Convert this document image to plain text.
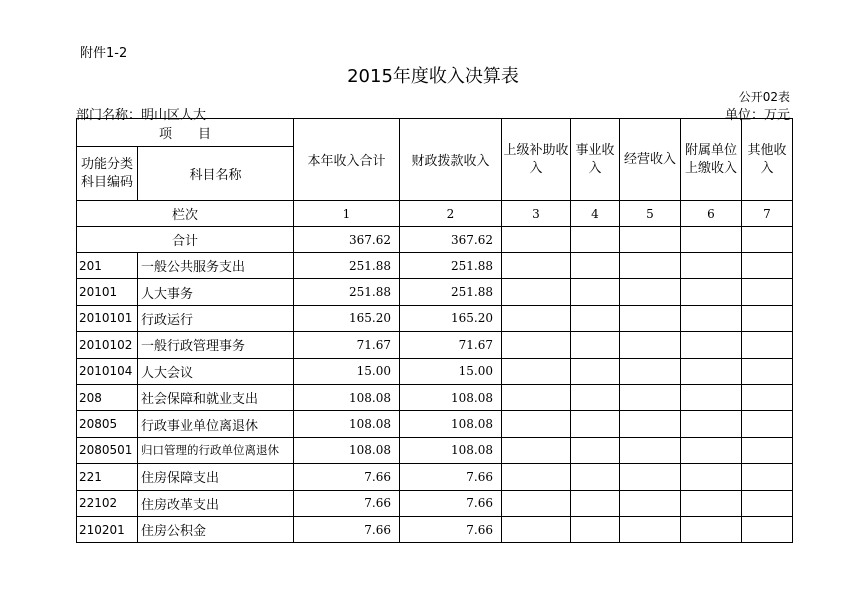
附件1-2
2015年度收入决算表
公开02表
部门名称：明山区人大	单位：万元
项　　目		本年收入合计	财政拨款收入	上级补助收入	事业收入	经营收入	附属单位上缴收入	其他收入
功能分类科目编码	科目名称							
栏次		1	2	3	4	5	6	7
合计		367.62	367.62					
201	一般公共服务支出	251.88	251.88					
20101	人大事务	251.88	251.88					
2010101	行政运行	165.20	165.20					
2010102	一般行政管理事务	71.67	71.67					
2010104	人大会议	15.00	15.00					
208	社会保障和就业支出	108.08	108.08					
20805	行政事业单位离退休	108.08	108.08					
2080501	归口管理的行政单位离退休	108.08	108.08					
221	住房保障支出	7.66	7.66					
22102	住房改革支出	7.66	7.66					
210201	住房公积金	7.66	7.66					
